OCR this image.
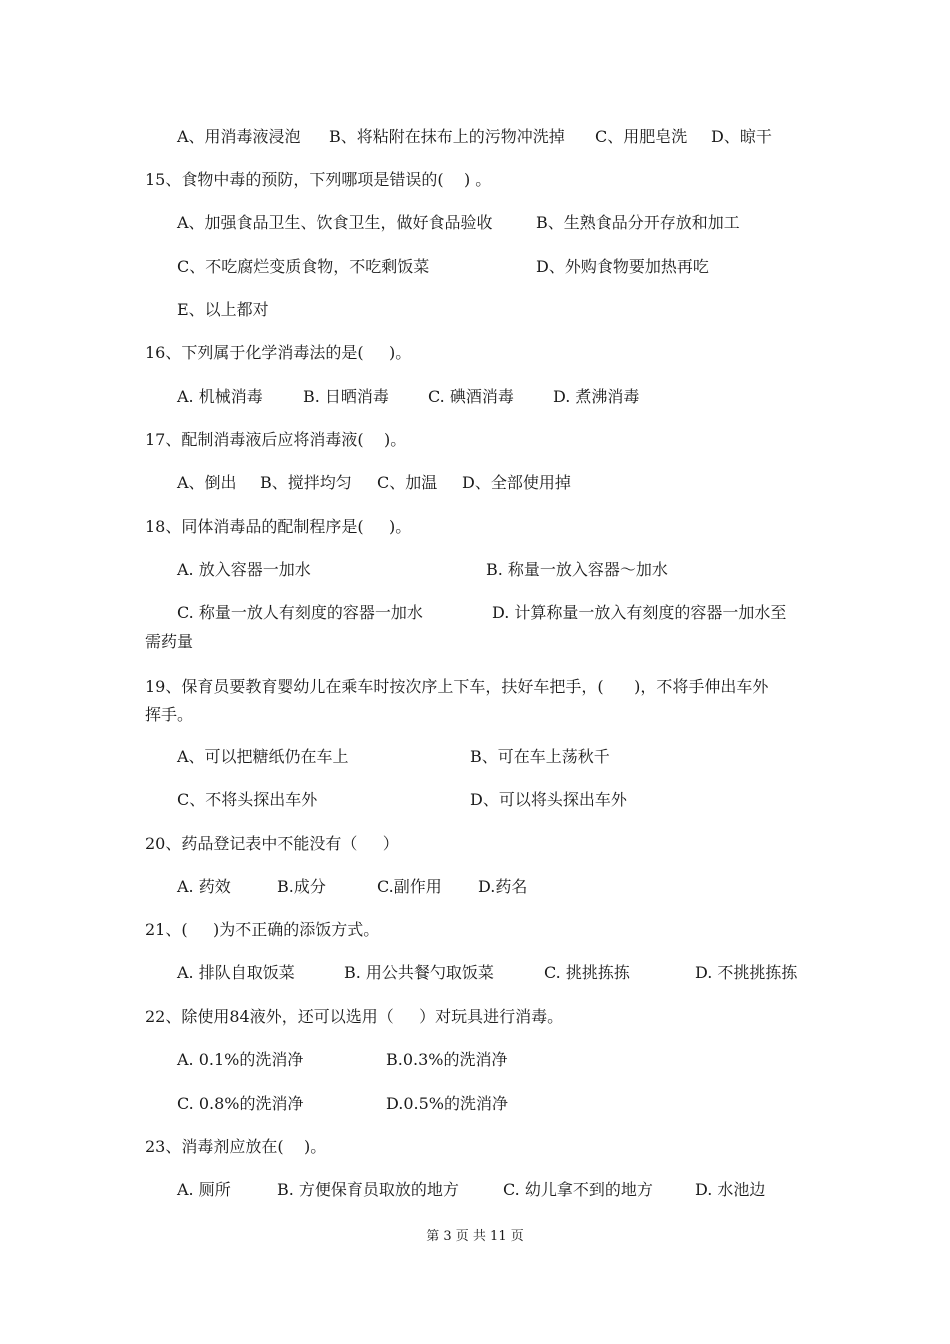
A、用消毒液浸泡 B、将粘附在抹布上的污物冲洗掉 C、用肥皂洗 D、晾干
15、食物中毒的预防，下列哪项是错误的(    ) 。
A、加强食品卫生、饮食卫生，做好食品验收	B、生熟食品分开存放和加工
C、不吃腐烂变质食物，不吃剩饭菜	D、外购食物要加热再吃
E、以上都对
16、下列属于化学消毒法的是(     )。
A. 机械消毒	B. 日晒消毒 C. 碘酒消毒 D. 煮沸消毒
17、配制消毒液后应将消毒液(    )。
A、倒出 B、搅拌均匀 C、加温 D、全部使用掉
18、同体消毒品的配制程序是(     )。
A. 放入容器一加水	B. 称量一放入容器～加水
C. 称量一放人有刻度的容器一加水	D. 计算称量一放入有刻度的容器一加水至
需药量
19、保育员要教育婴幼儿在乘车时按次序上下车，扶好车把手，(      )，不将手伸出车外
挥手。
A、可以把糖纸仍在车上	B、可在车上荡秋千
C、不将头探出车外	D、可以将头探出车外
20、药品登记表中不能没有（     ）
A. 药效	B.成分	C.副作用 D.药名
21、(     )为不正确的添饭方式。
A. 排队自取饭菜	B. 用公共餐勺取饭菜	C. 挑挑拣拣	D. 不挑挑拣拣
22、除使用84液外，还可以选用（     ）对玩具进行消毒。
A. 0.1%的洗消净	B.0.3%的洗消净
C. 0.8%的洗消净	D.0.5%的洗消净
23、消毒剂应放在(    )。
A. 厕所	B. 方便保育员取放的地方	C. 幼儿拿不到的地方	D. 水池边
第 3 页 共 11 页
